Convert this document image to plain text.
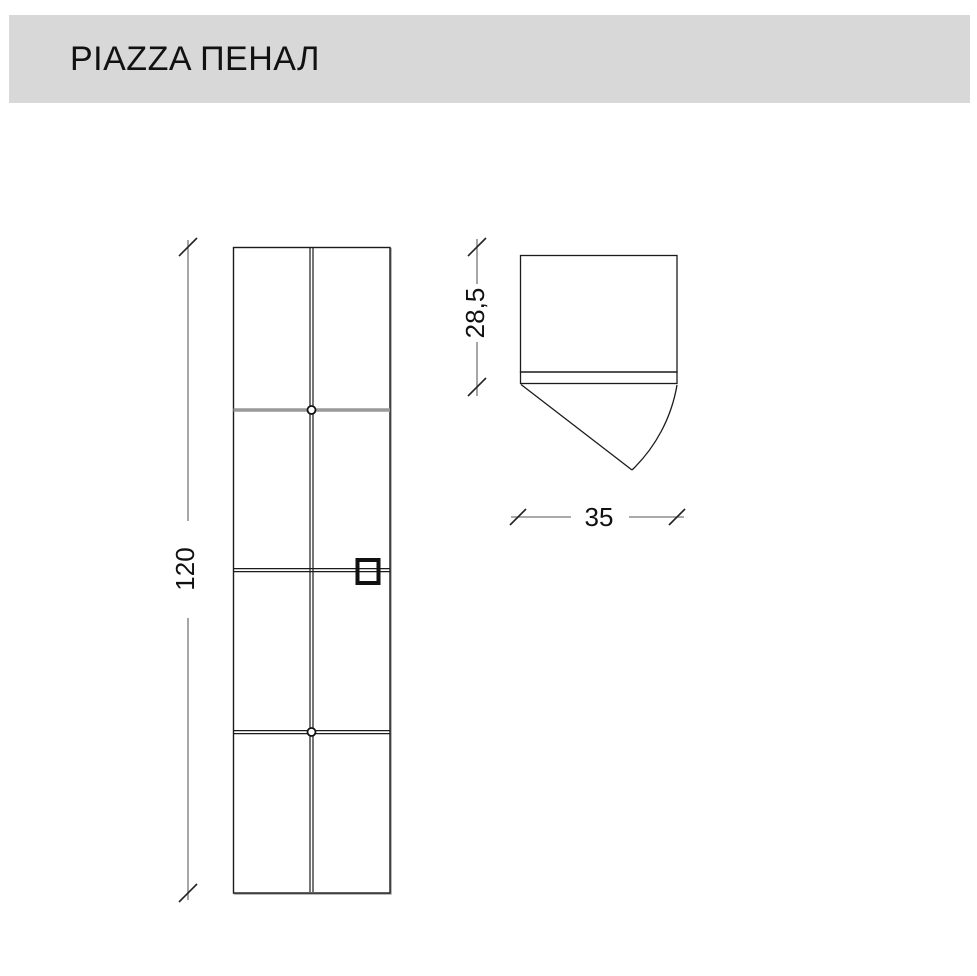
PIAZZA ПЕНАЛ
120
28,5
35
